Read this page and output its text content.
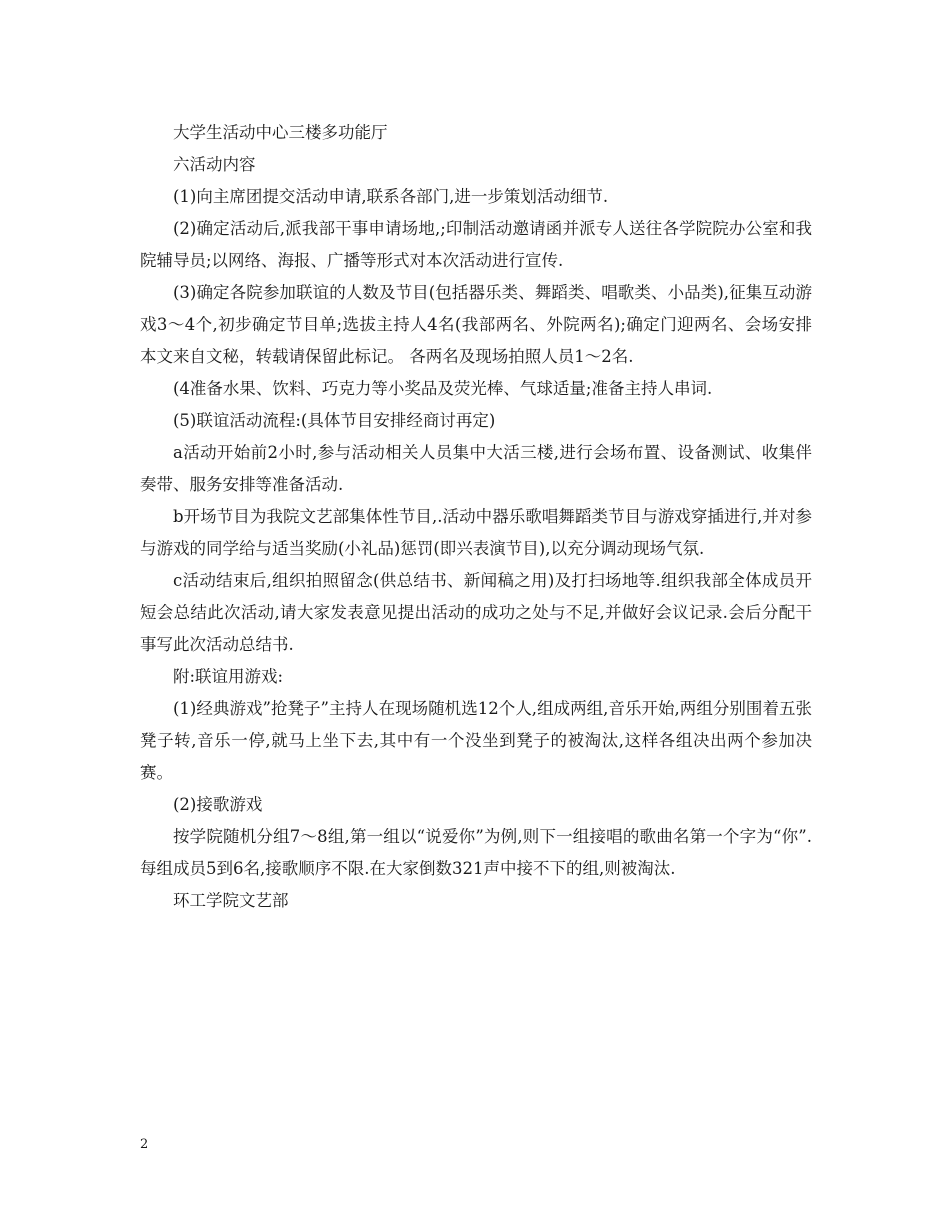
大学生活动中心三楼多功能厅

六活动内容

(1)向主席团提交活动申请,联系各部门,进一步策划活动细节.

(2)确定活动后,派我部干事申请场地,;印制活动邀请函并派专人送往各学院院办公室和我院辅导员;以网络、海报、广播等形式对本次活动进行宣传.

(3)确定各院参加联谊的人数及节目(包括器乐类、舞蹈类、唱歌类、小品类),征集互动游戏3～4个,初步确定节目单;选拔主持人4名(我部两名、外院两名);确定门迎两名、会场安排 本文来自文秘，转载请保留此标记。 各两名及现场拍照人员1～2名.

(4准备水果、饮料、巧克力等小奖品及荧光棒、气球适量;准备主持人串词.

(5)联谊活动流程:(具体节目安排经商讨再定)

a活动开始前2小时,参与活动相关人员集中大活三楼,进行会场布置、设备测试、收集伴奏带、服务安排等准备活动.

b开场节目为我院文艺部集体性节目,.活动中器乐歌唱舞蹈类节目与游戏穿插进行,并对参与游戏的同学给与适当奖励(小礼品)惩罚(即兴表演节目),以充分调动现场气氛.

c活动结束后,组织拍照留念(供总结书、新闻稿之用)及打扫场地等.组织我部全体成员开短会总结此次活动,请大家发表意见提出活动的成功之处与不足,并做好会议记录.会后分配干事写此次活动总结书.

附:联谊用游戏:

(1)经典游戏”抢凳子”主持人在现场随机选12个人,组成两组,音乐开始,两组分别围着五张凳子转,音乐一停,就马上坐下去,其中有一个没坐到凳子的被淘汰,这样各组决出两个参加决赛。

(2)接歌游戏

按学院随机分组7～8组,第一组以“说爱你”为例,则下一组接唱的歌曲名第一个字为“你”.每组成员5到6名,接歌顺序不限.在大家倒数321声中接不下的组,则被淘汰.

环工学院文艺部

2
